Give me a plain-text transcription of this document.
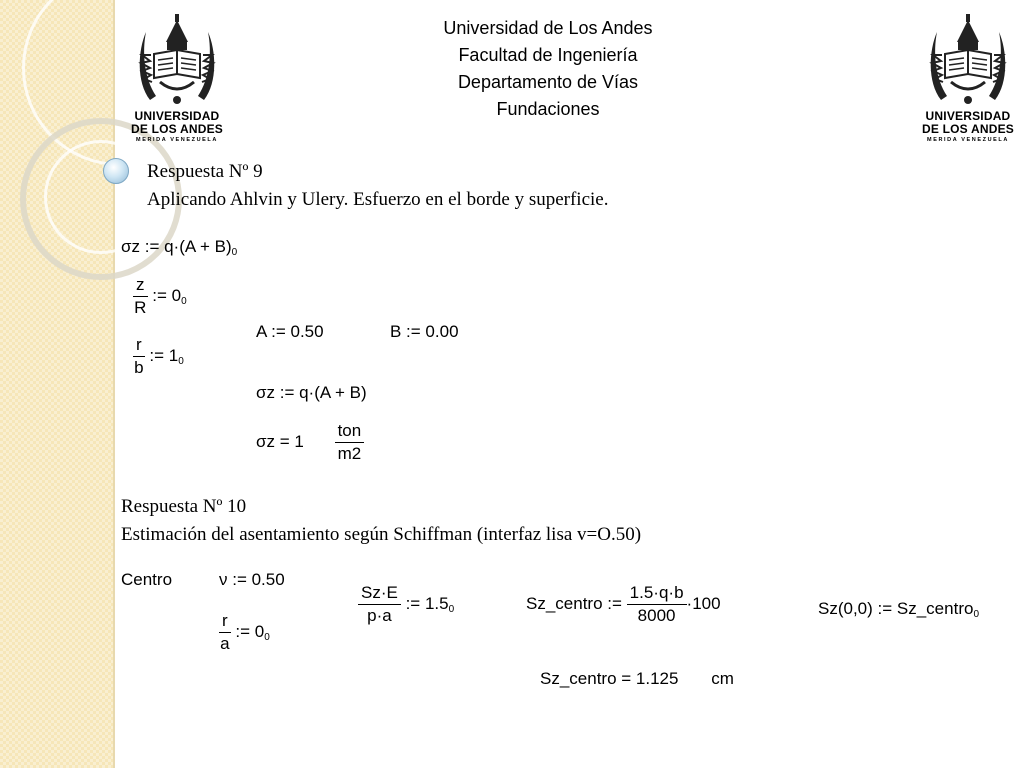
UNIVERSIDAD
DE LOS ANDES
MERIDA VENEZUELA
UNIVERSIDAD
DE LOS ANDES
MERIDA VENEZUELA
Universidad de Los Andes
Facultad de Ingeniería
Departamento de Vías
Fundaciones
Respuesta Nº 9
Aplicando Ahlvin y Ulery. Esfuerzo en el borde y superficie.
σz := $q\cdot(A + B)_0$
$\frac{z}{R}$ := $0_0$
$\frac{r}{b}$ := $1_0$
A := 0.50	B := 0.00
σz := q·(A + B)
$\sigma z = 1 \frac{\text{ton}}{m2}$
Respuesta Nº 10
Estimación del asentamiento según Schiffman (interfaz lisa v=O.50)
Centro	ν := 0.50
$\frac{r}{a}$ := $0_0$
$\frac{Sz\cdot E}{p\cdot a}$ := $1.5_0$	Sz_centro := $\frac{1.5\cdot q\cdot b}{8000} \cdot 100$	Sz(0,0) := Sz_centro$_0$
Sz_centro = 1.125 cm
